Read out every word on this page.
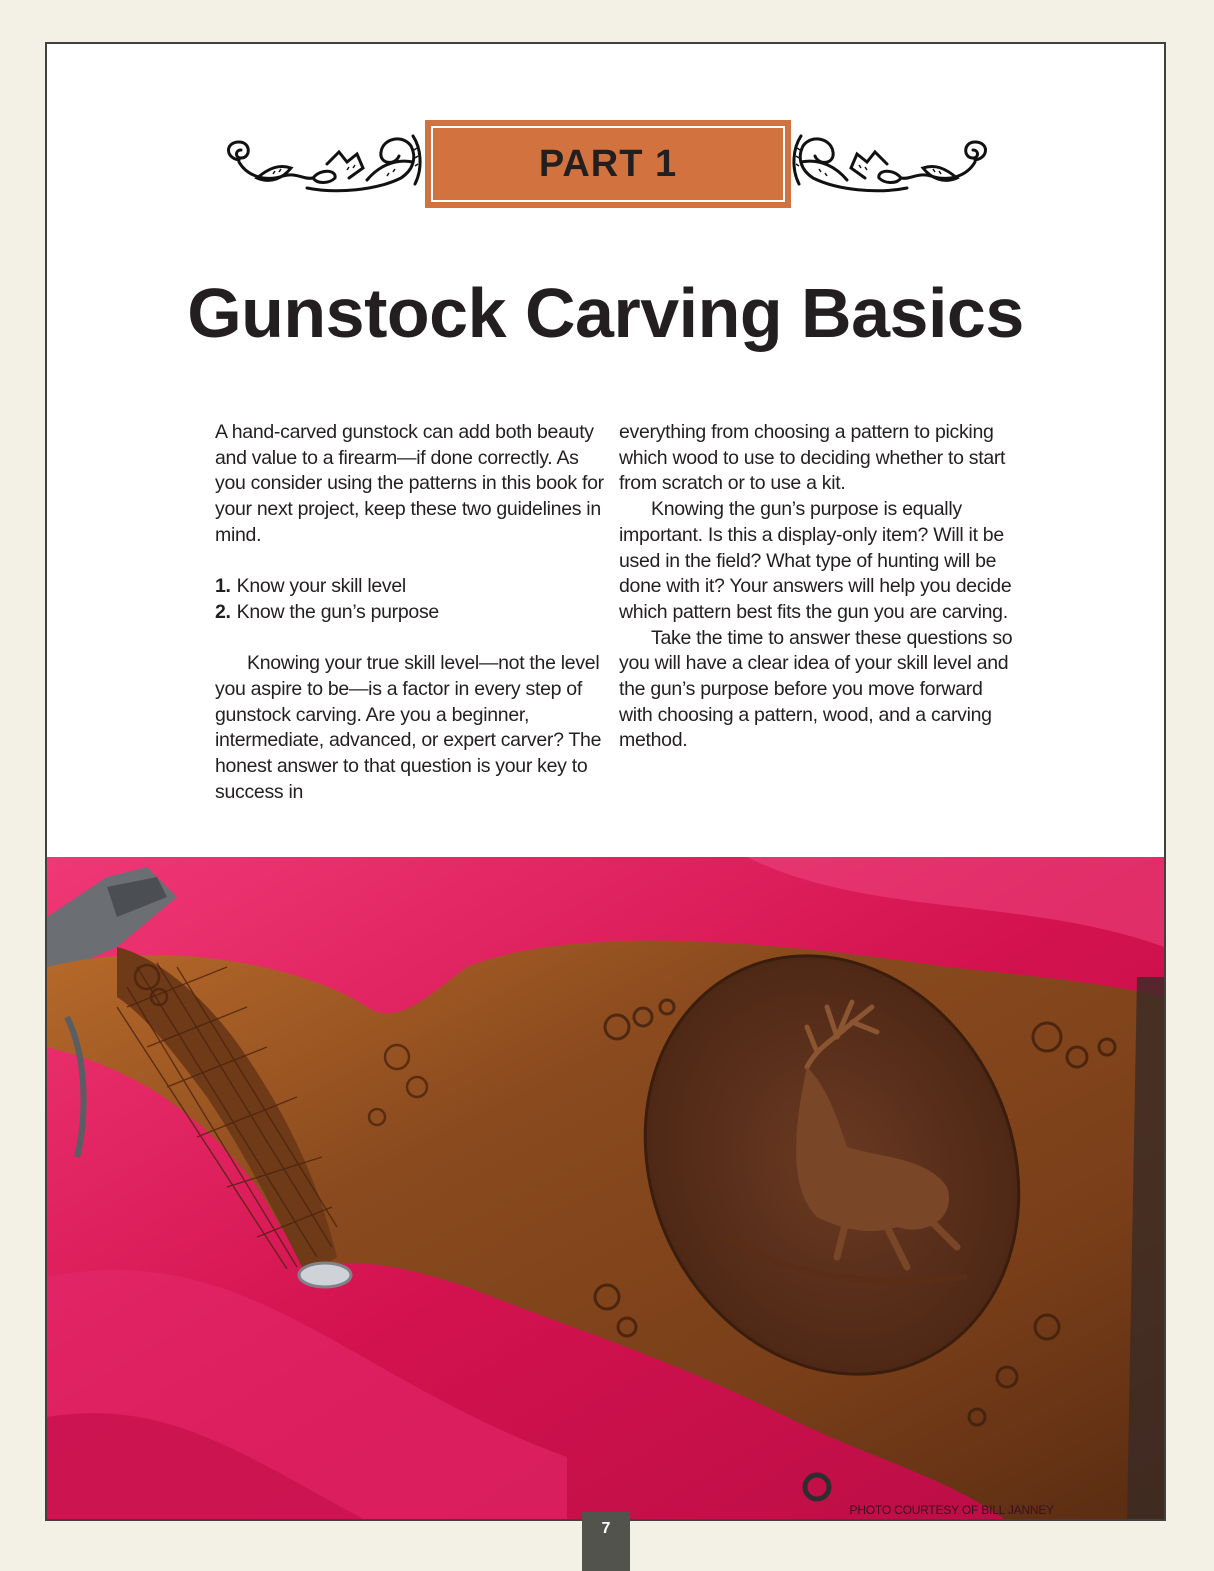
PART 1
Gunstock Carving Basics

A hand-carved gunstock can add both beauty and value to a firearm—if done correctly. As you consider using the patterns in this book for your next project, keep these two guidelines in mind.

1. Know your skill level
2. Know the gun’s purpose

Knowing your true skill level—not the level you aspire to be—is a factor in every step of gunstock carving. Are you a beginner, intermediate, advanced, or expert carver? The honest answer to that question is your key to success in

everything from choosing a pattern to picking which wood to use to deciding whether to start from scratch or to use a kit.

Knowing the gun’s purpose is equally important. Is this a display-only item? Will it be used in the field? What type of hunting will be done with it? Your answers will help you decide which pattern best fits the gun you are carving.

Take the time to answer these questions so you will have a clear idea of your skill level and the gun’s purpose before you move forward with choosing a pattern, wood, and a carving method.

PHOTO COURTESY OF BILL JANNEY
7
